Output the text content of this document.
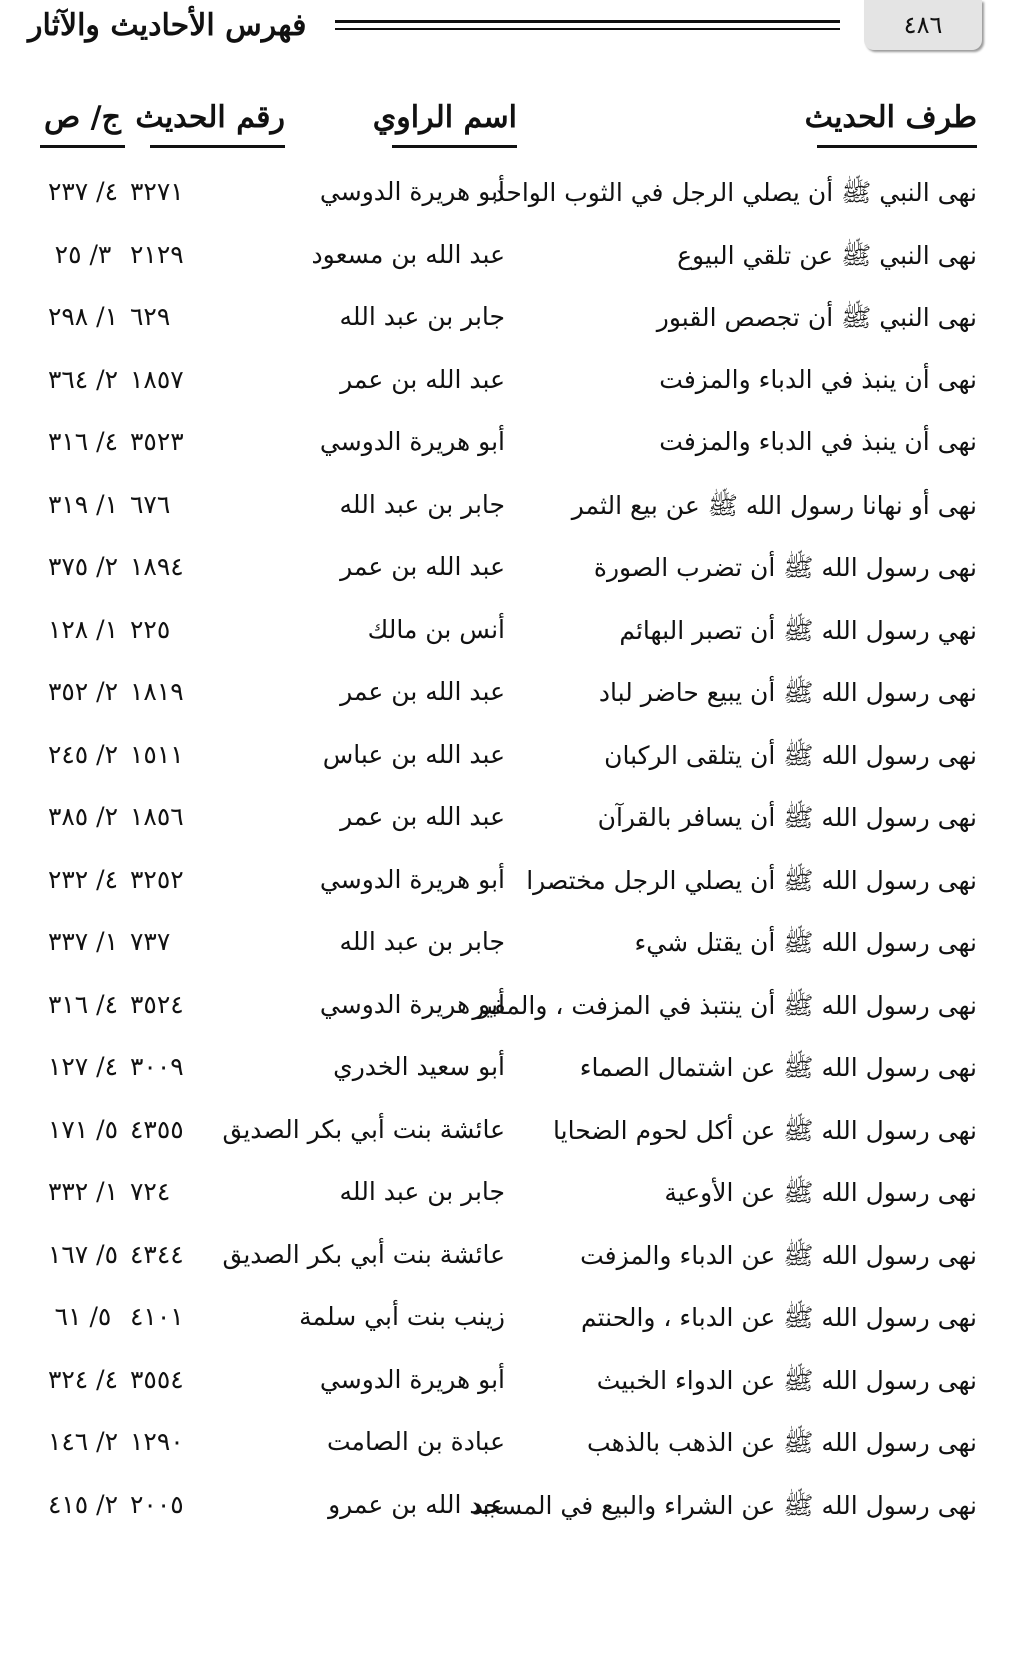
فهرس الأحاديث والآثار	٤٨٦
طرف الحديث
اسم الراوي
رقم الحديث
ج/ ص
نهى النبي ﷺ أن يصلي الرجل في الثوب الواحد
أبو هريرة الدوسي
٣٢٧١
٤/ ٢٣٧
نهى النبي ﷺ عن تلقي البيوع
عبد الله بن مسعود
٢١٢٩
٣/ ٢٥
نهى النبي ﷺ أن تجصص القبور
جابر بن عبد الله
٦٢٩
١/ ٢٩٨
نهى أن ينبذ في الدباء والمزفت
عبد الله بن عمر
١٨٥٧
٢/ ٣٦٤
نهى أن ينبذ في الدباء والمزفت
أبو هريرة الدوسي
٣٥٢٣
٤/ ٣١٦
نهى أو نهانا رسول الله ﷺ عن بيع الثمر
جابر بن عبد الله
٦٧٦
١/ ٣١٩
نهى رسول الله ﷺ أن تضرب الصورة
عبد الله بن عمر
١٨٩٤
٢/ ٣٧٥
نهي رسول الله ﷺ أن تصبر البهائم
أنس بن مالك
٢٢٥
١/ ١٢٨
نهى رسول الله ﷺ أن يبيع حاضر لباد
عبد الله بن عمر
١٨١٩
٢/ ٣٥٢
نهى رسول الله ﷺ أن يتلقى الركبان
عبد الله بن عباس
١٥١١
٢/ ٢٤٥
نهى رسول الله ﷺ أن يسافر بالقرآن
عبد الله بن عمر
١٨٥٦
٢/ ٣٨٥
نهى رسول الله ﷺ أن يصلي الرجل مختصرا
أبو هريرة الدوسي
٣٢٥٢
٤/ ٢٣٢
نهى رسول الله ﷺ أن يقتل شيء
جابر بن عبد الله
٧٣٧
١/ ٣٣٧
نهى رسول الله ﷺ أن ينتبذ في المزفت ، والمقير
أبو هريرة الدوسي
٣٥٢٤
٤/ ٣١٦
نهى رسول الله ﷺ عن اشتمال الصماء
أبو سعيد الخدري
٣٠٠٩
٤/ ١٢٧
نهى رسول الله ﷺ عن أكل لحوم الضحايا
عائشة بنت أبي بكر الصديق
٤٣٥٥
٥/ ١٧١
نهى رسول الله ﷺ عن الأوعية
جابر بن عبد الله
٧٢٤
١/ ٣٣٢
نهى رسول الله ﷺ عن الدباء والمزفت
عائشة بنت أبي بكر الصديق
٤٣٤٤
٥/ ١٦٧
نهى رسول الله ﷺ عن الدباء ، والحنتم
زينب بنت أبي سلمة
٤١٠١
٥/ ٦١
نهى رسول الله ﷺ عن الدواء الخبيث
أبو هريرة الدوسي
٣٥٥٤
٤/ ٣٢٤
نهى رسول الله ﷺ عن الذهب بالذهب
عبادة بن الصامت
١٢٩٠
٢/ ١٤٦
نهى رسول الله ﷺ عن الشراء والبيع في المسجد
عبد الله بن عمرو
٢٠٠٥
٢/ ٤١٥
